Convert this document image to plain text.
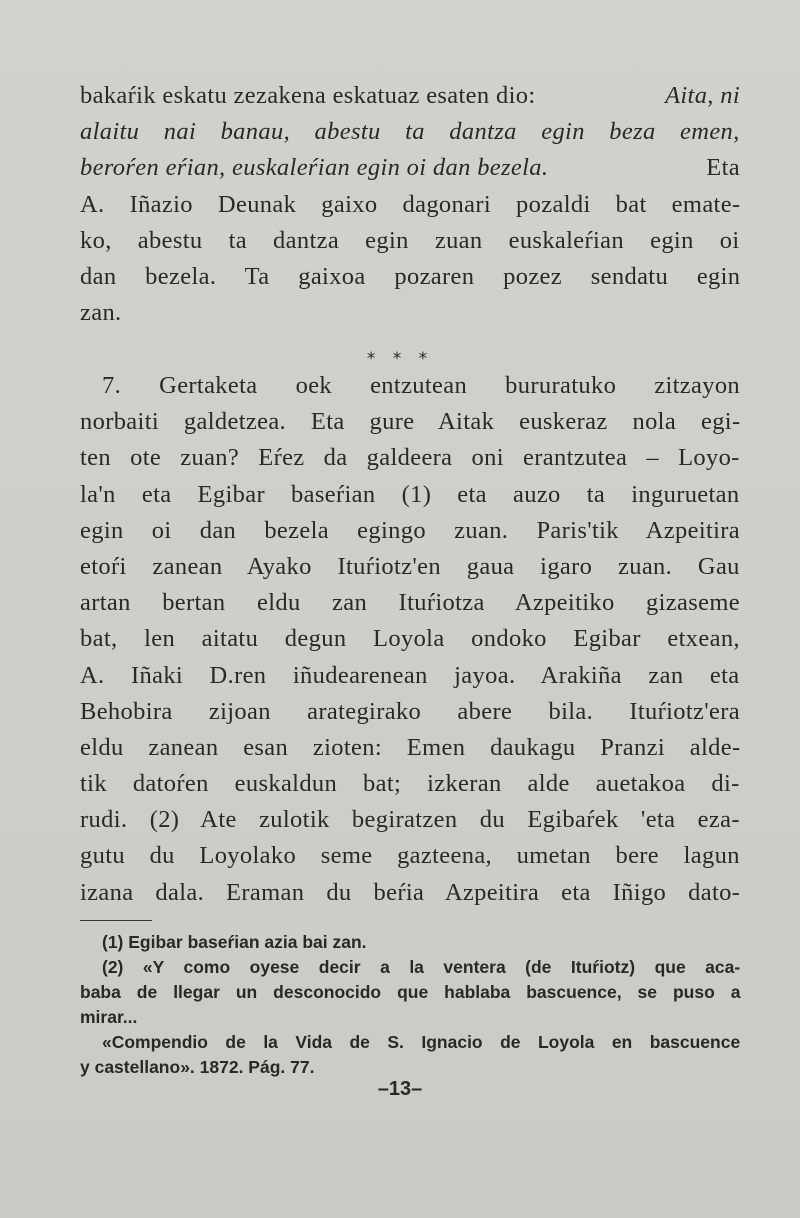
bakaŕik eskatu zezakena eskatuaz esaten dio:	Aita, ni
alaitu nai banau, abestu ta dantza egin beza emen,
beroŕen eŕian, euskaleŕian egin oi dan bezela.	Eta
A. Iñazio Deunak gaixo dagonari pozaldi bat emate-
ko, abestu ta dantza egin zuan euskaleŕian egin oi
dan bezela. Ta gaixoa pozaren pozez sendatu egin
zan.
* * *
7. Gertaketa oek entzutean bururatuko zitzayon
norbaiti galdetzea. Eta gure Aitak euskeraz nola egi-
ten ote zuan? Eŕez da galdeera oni erantzutea – Loyo-
la'n eta Egibar baseŕian (1) eta auzo ta inguruetan
egin oi dan bezela egingo zuan. Paris'tik Azpeitira
etoŕi zanean Ayako Ituŕiotz'en gaua igaro zuan. Gau
artan bertan eldu zan Ituŕiotza Azpeitiko gizaseme
bat, len aitatu degun Loyola ondoko Egibar etxean,
A. Iñaki D.ren iñudearenean jayoa. Arakiña zan eta
Behobira zijoan arategirako abere bila. Ituŕiotz'era
eldu zanean esan zioten: Emen daukagu Pranzi alde-
tik datoŕen euskaldun bat; izkeran alde auetakoa di-
rudi. (2) Ate zulotik begiratzen du Egibaŕek 'eta eza-
gutu du Loyolako seme gazteena, umetan bere lagun
izana dala. Eraman du beŕia Azpeitira eta Iñigo dato-
(1) Egibar baseŕian azia bai zan.
(2) «Y como oyese decir a la ventera (de Ituŕiotz) que aca-
baba de llegar un desconocido que hablaba bascuence, se puso a
mirar...
«Compendio de la Vida de S. Ignacio de Loyola en bascuence
y castellano». 1872. Pág. 77.
–13–
